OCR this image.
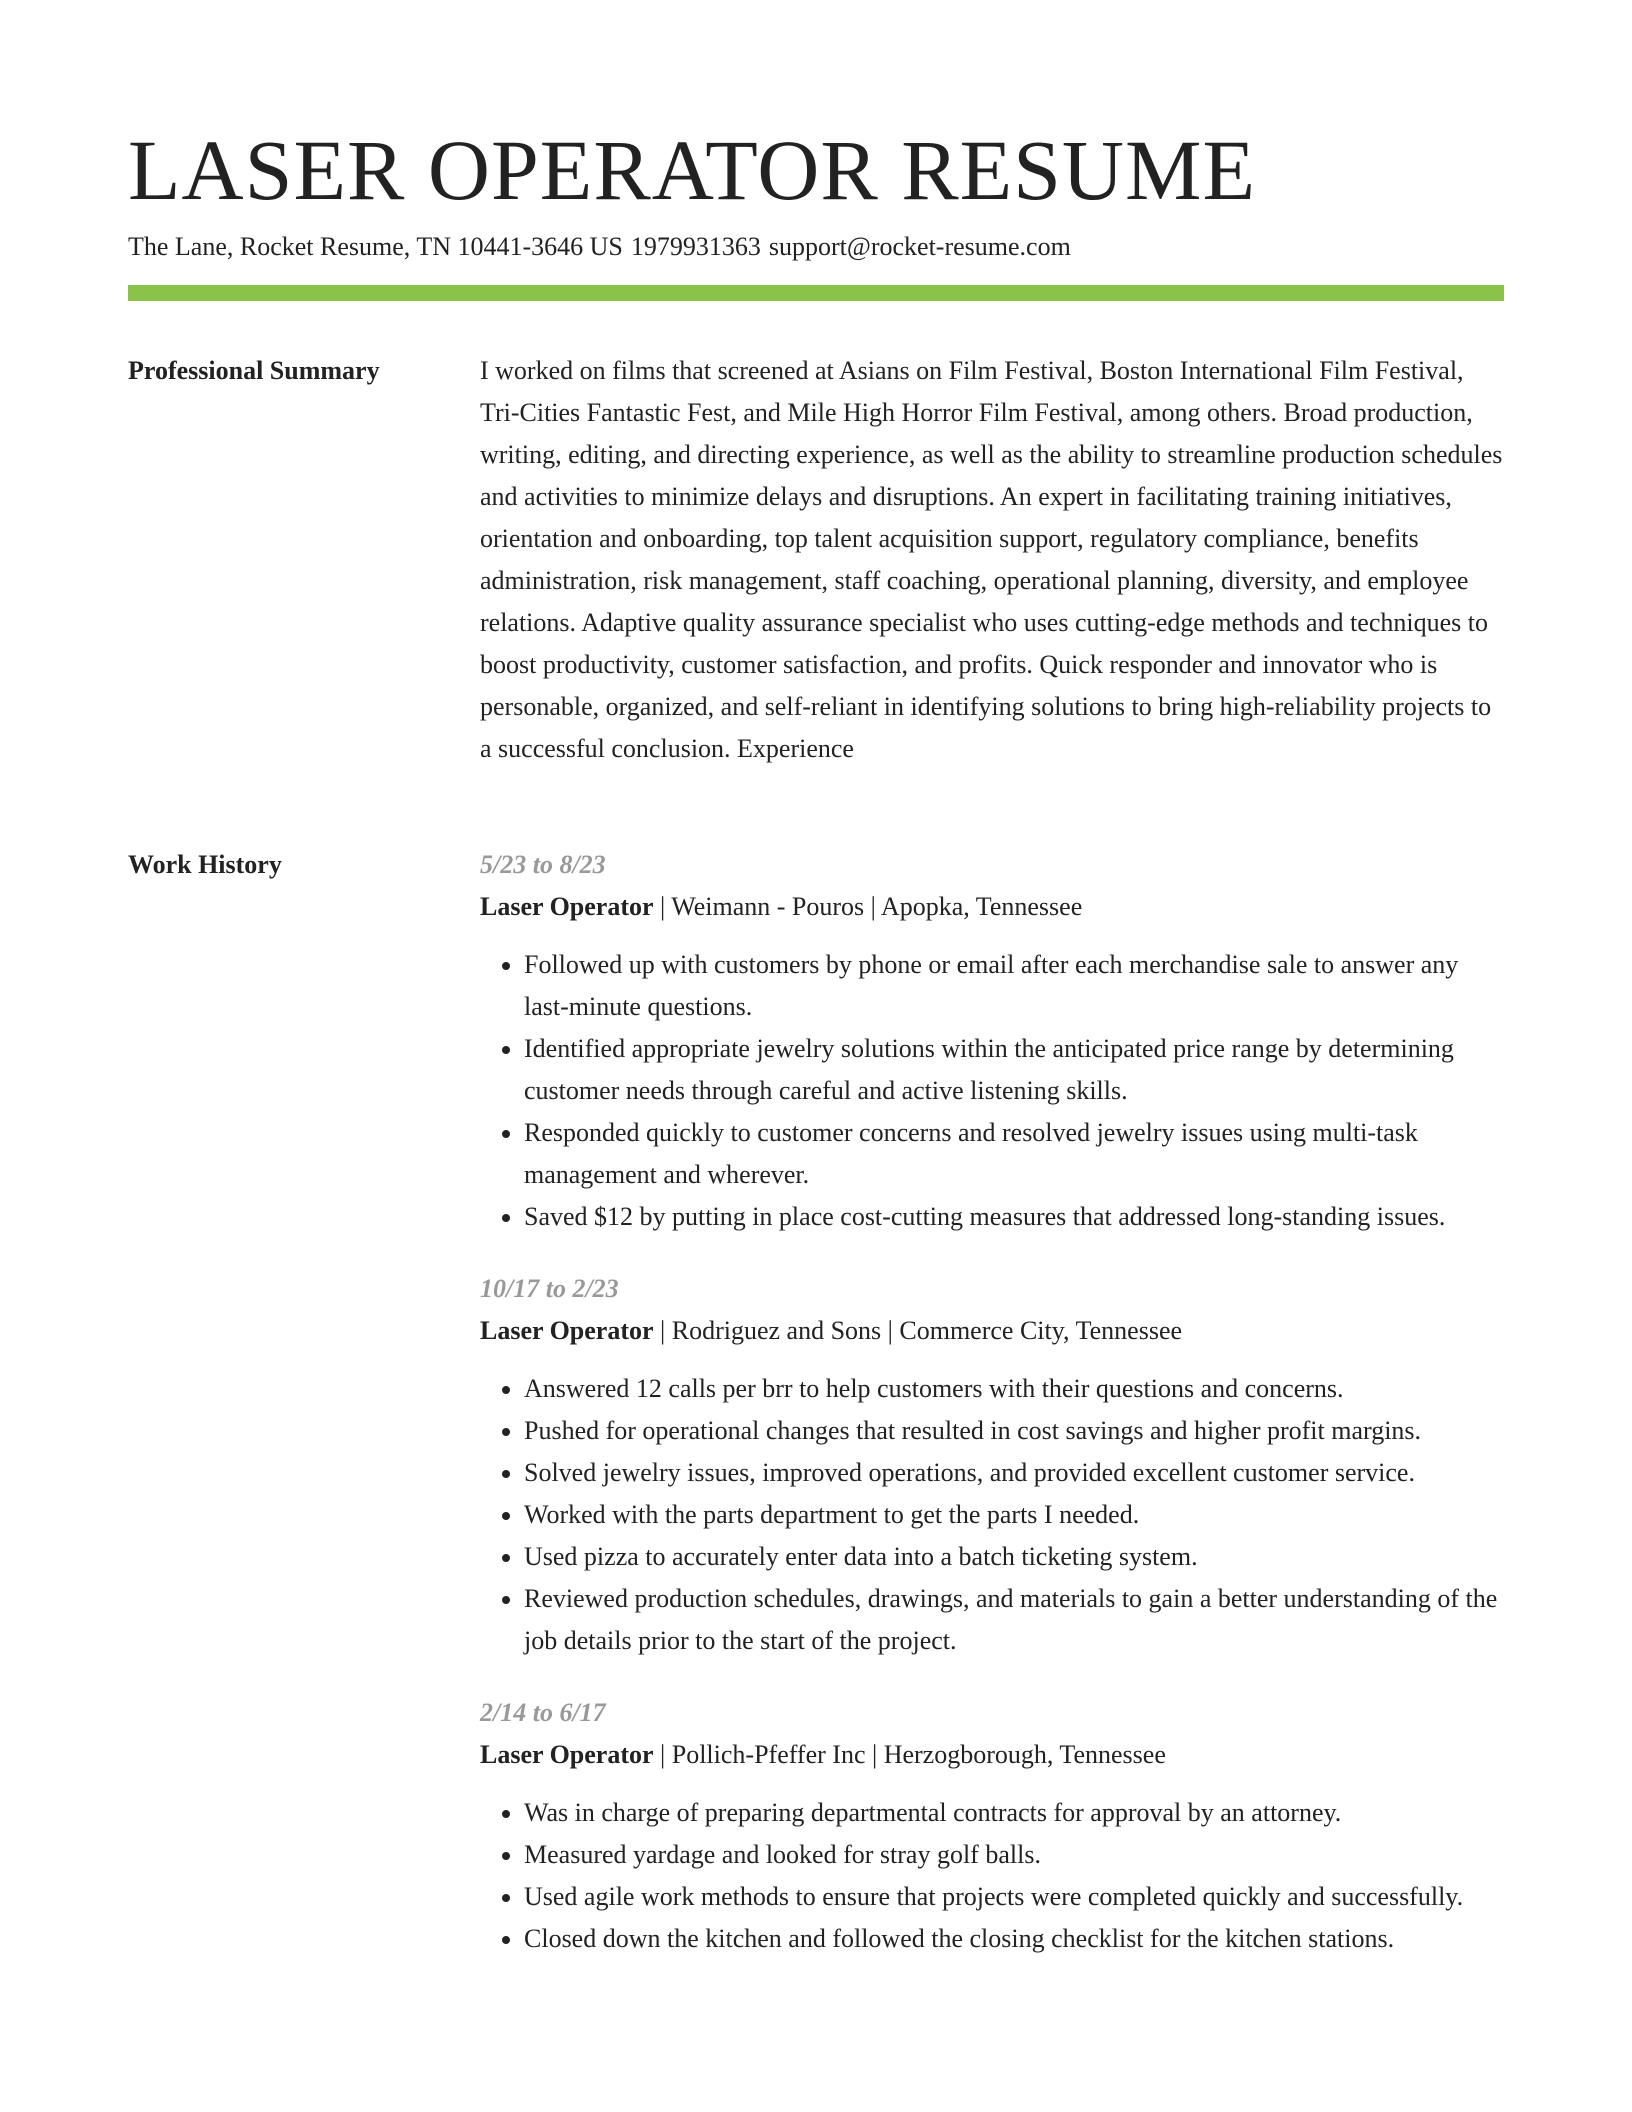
LASER OPERATOR RESUME
The Lane, Rocket Resume, TN 10441-3646 US 1979931363 support@rocket-resume.com
Professional Summary	I worked on films that screened at Asians on Film Festival, Boston International Film Festival, Tri-Cities Fantastic Fest, and Mile High Horror Film Festival, among others. Broad production, writing, editing, and directing experience, as well as the ability to streamline production schedules and activities to minimize delays and disruptions. An expert in facilitating training initiatives, orientation and onboarding, top talent acquisition support, regulatory compliance, benefits administration, risk management, staff coaching, operational planning, diversity, and employee relations. Adaptive quality assurance specialist who uses cutting-edge methods and techniques to boost productivity, customer satisfaction, and profits. Quick responder and innovator who is personable, organized, and self-reliant in identifying solutions to bring high-reliability projects to a successful conclusion. Experience

Work History	5/23 to 8/23
Laser Operator | Weimann - Pouros | Apopka, Tennessee
• Followed up with customers by phone or email after each merchandise sale to answer any last-minute questions.
• Identified appropriate jewelry solutions within the anticipated price range by determining customer needs through careful and active listening skills.
• Responded quickly to customer concerns and resolved jewelry issues using multi-task management and wherever.
• Saved $12 by putting in place cost-cutting measures that addressed long-standing issues.
10/17 to 2/23
Laser Operator | Rodriguez and Sons | Commerce City, Tennessee
• Answered 12 calls per brr to help customers with their questions and concerns.
• Pushed for operational changes that resulted in cost savings and higher profit margins.
• Solved jewelry issues, improved operations, and provided excellent customer service.
• Worked with the parts department to get the parts I needed.
• Used pizza to accurately enter data into a batch ticketing system.
• Reviewed production schedules, drawings, and materials to gain a better understanding of the job details prior to the start of the project.
2/14 to 6/17
Laser Operator | Pollich-Pfeffer Inc | Herzogborough, Tennessee
• Was in charge of preparing departmental contracts for approval by an attorney.
• Measured yardage and looked for stray golf balls.
• Used agile work methods to ensure that projects were completed quickly and successfully.
• Closed down the kitchen and followed the closing checklist for the kitchen stations.
